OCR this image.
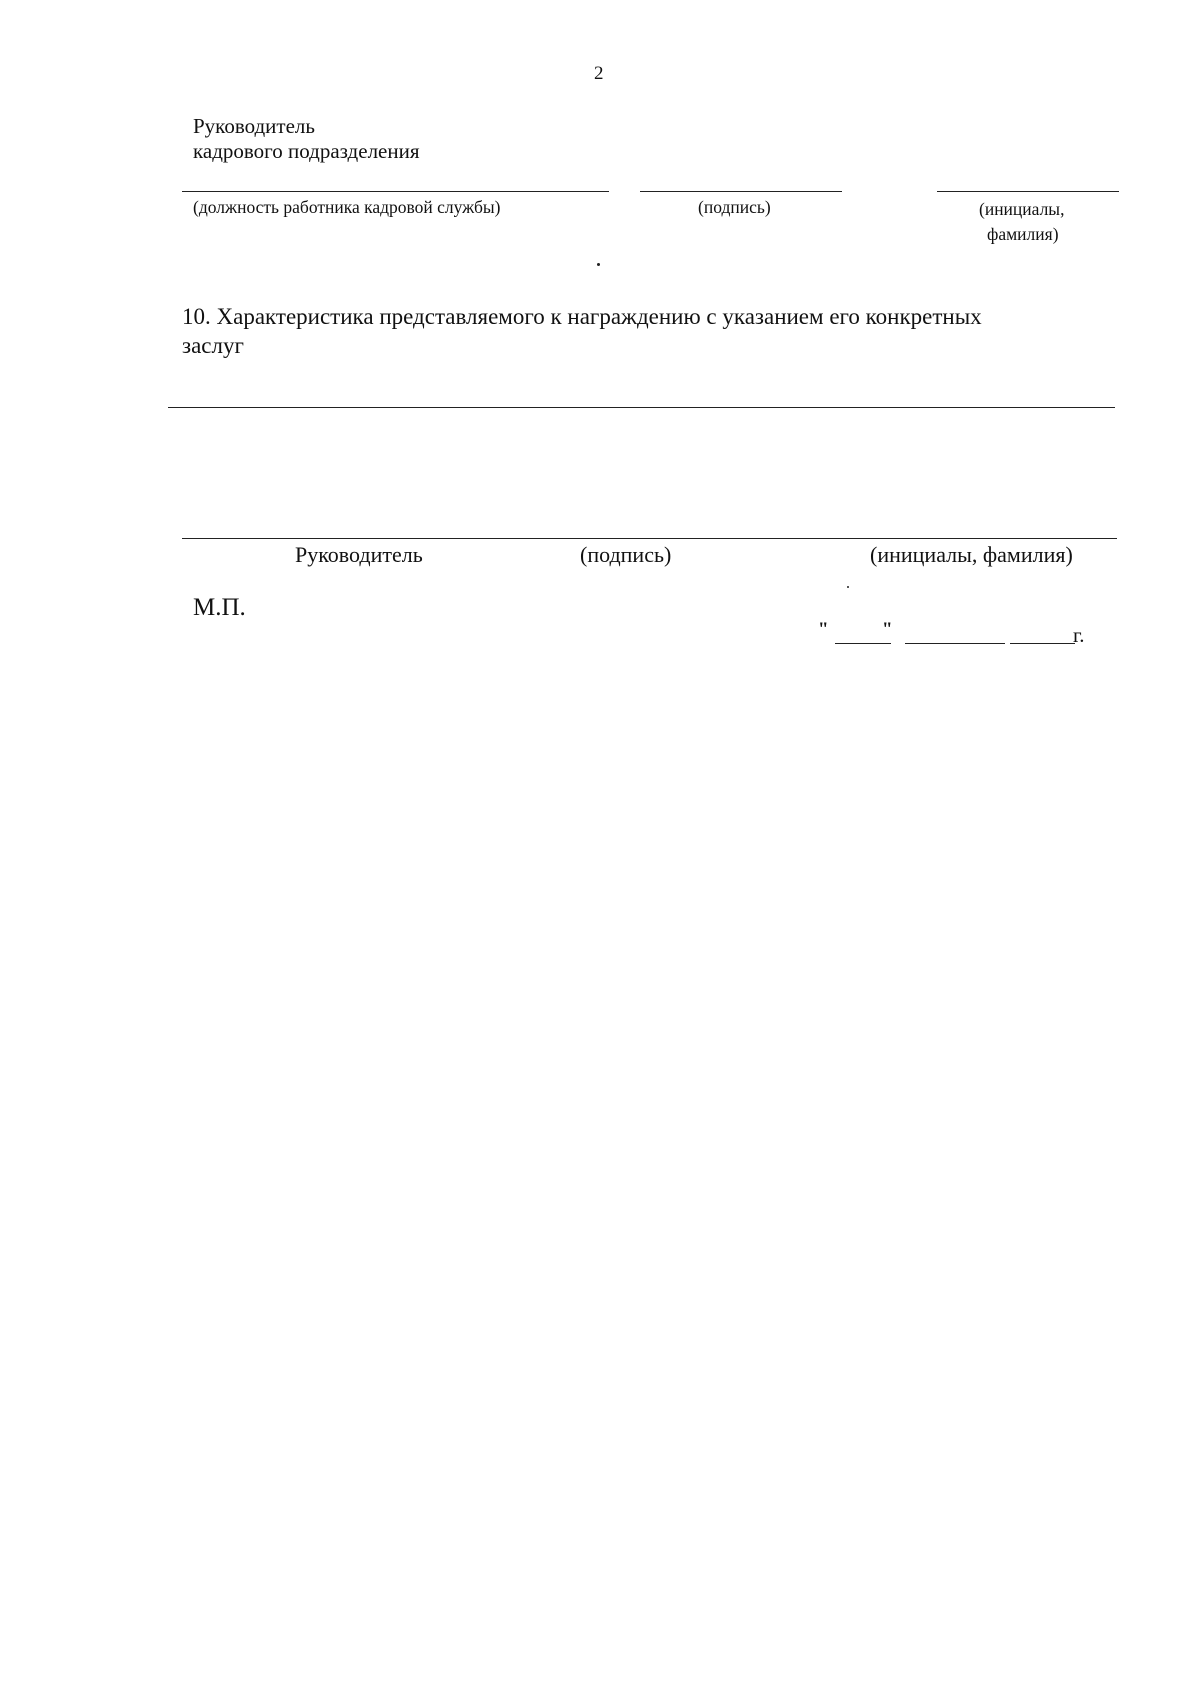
2
Руководитель
кадрового подразделения
(должность работника кадровой службы)	(подпись)	(инициалы,
фамилия)
10. Характеристика представляемого к награждению с указанием его конкретных
заслуг
Руководитель	(подпись)	(инициалы, фамилия)
М.П.
"	"	г.
